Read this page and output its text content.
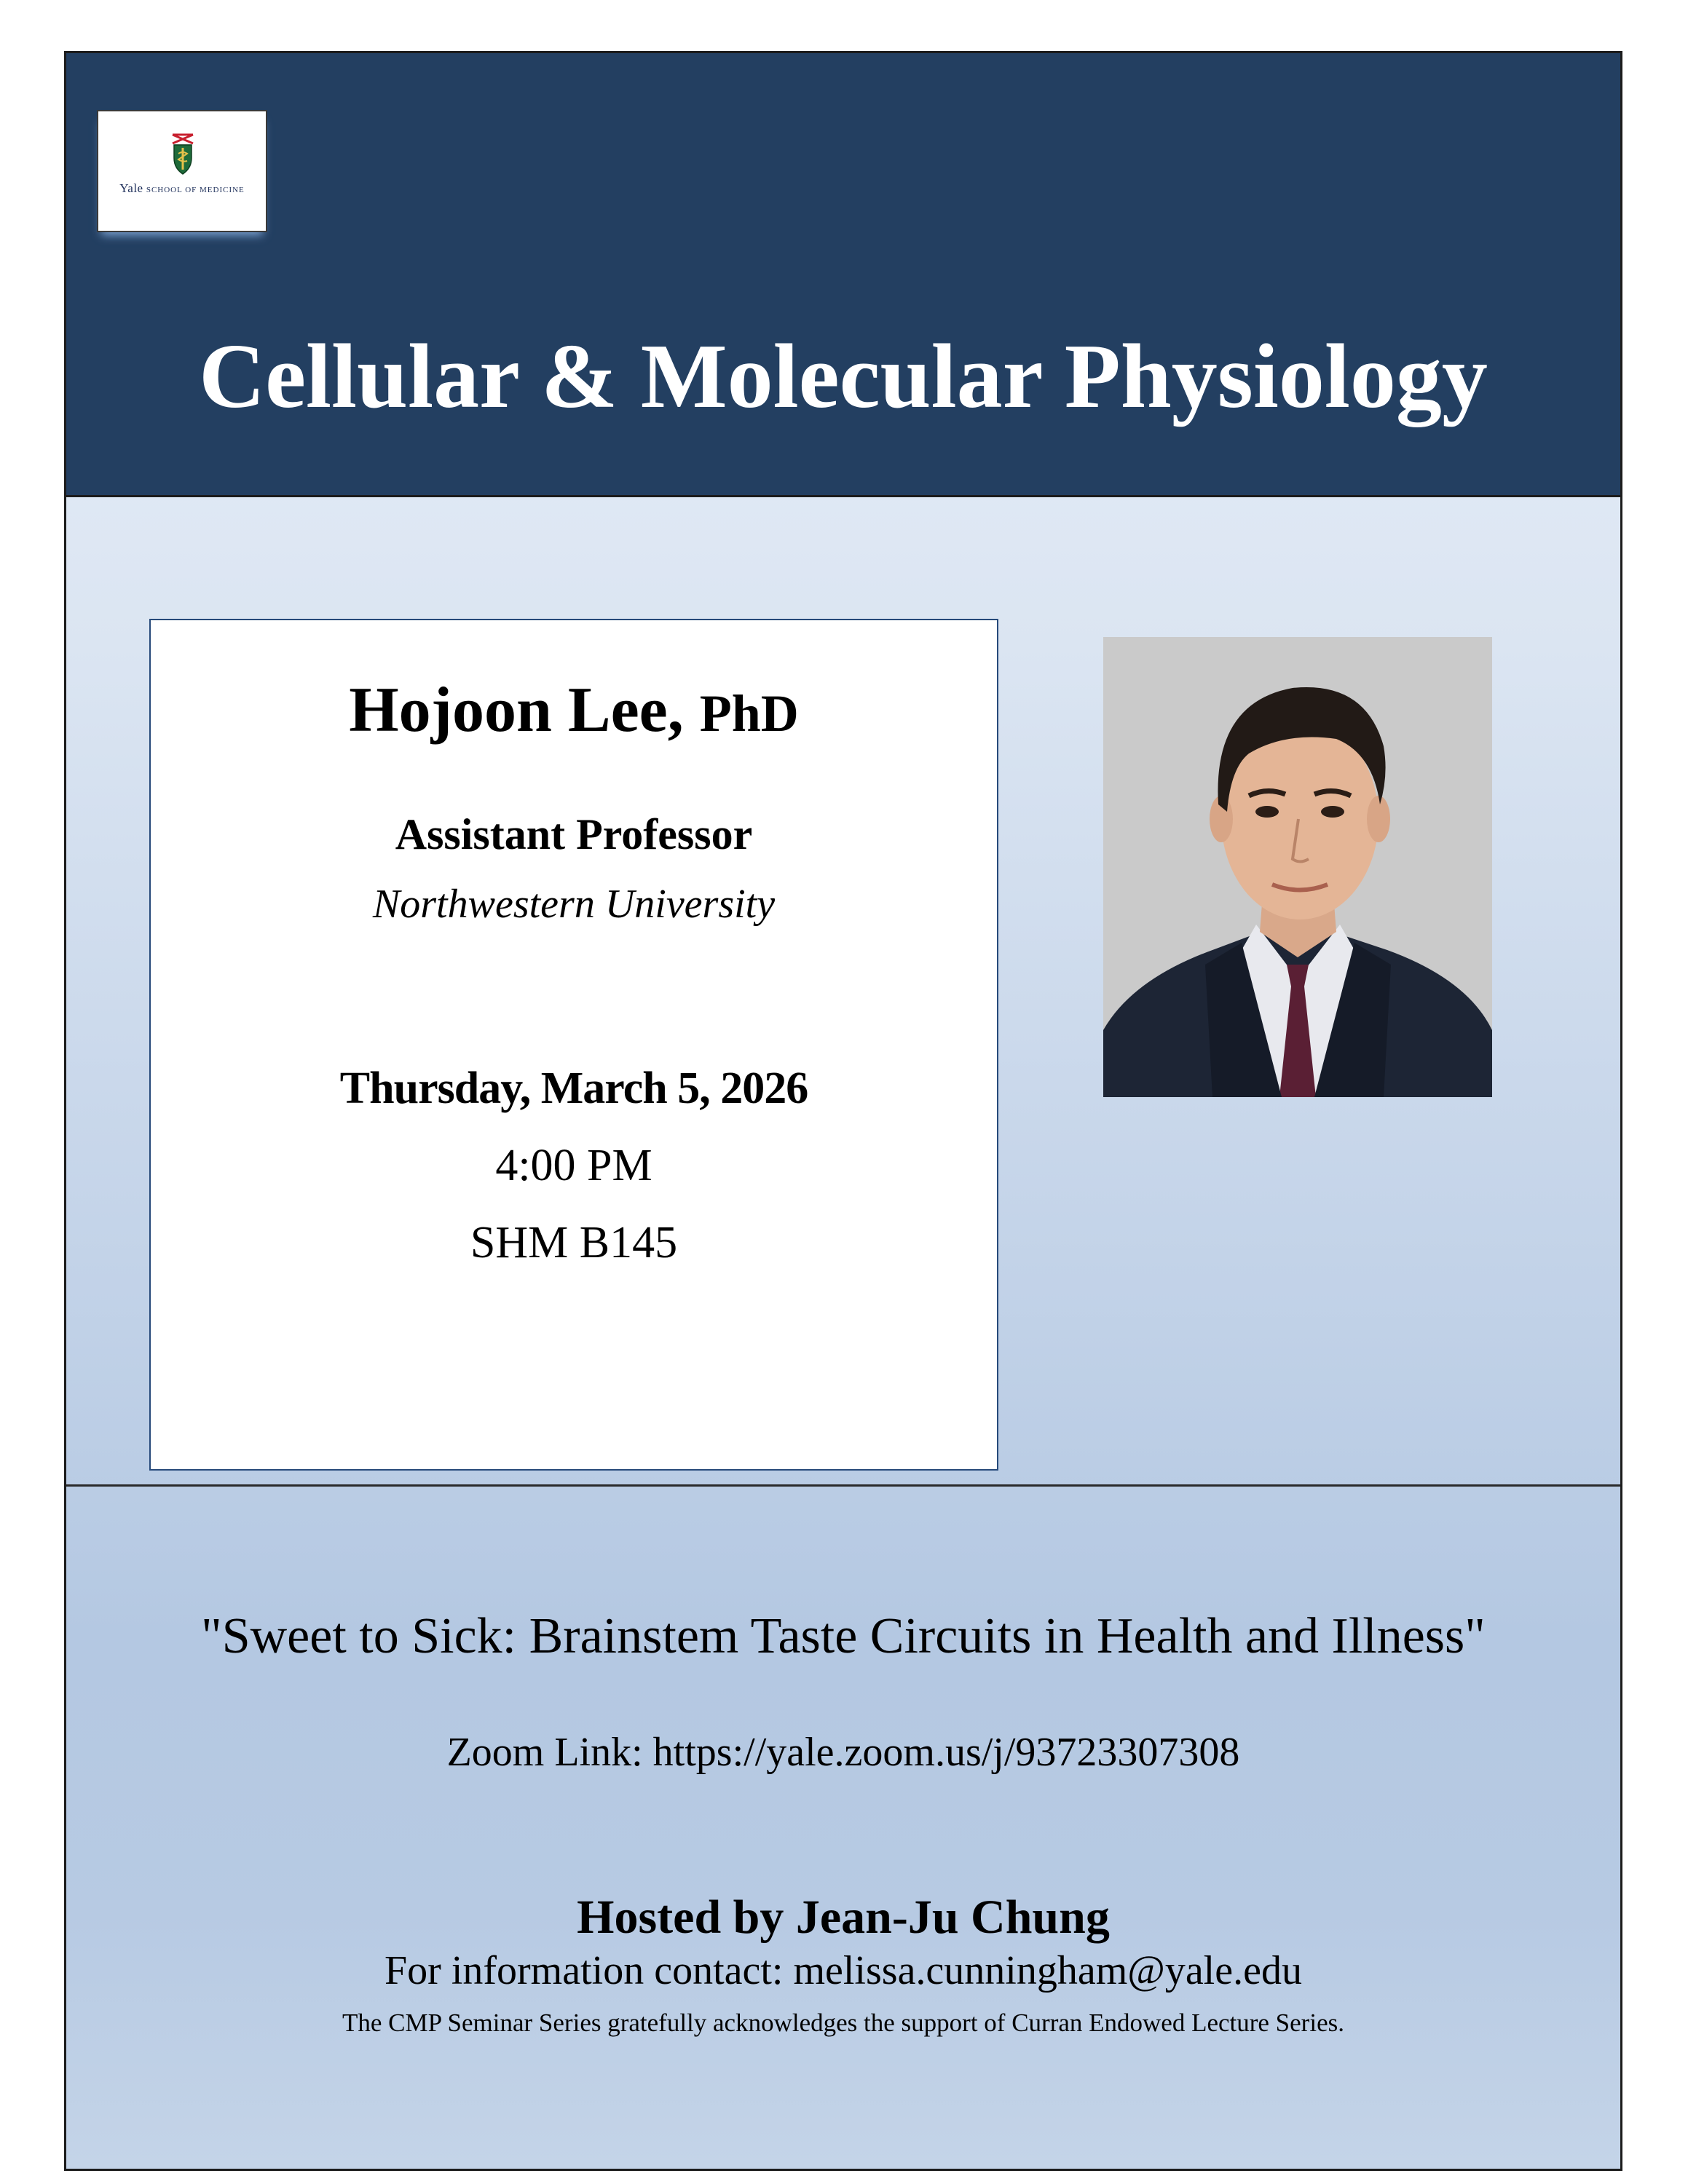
Yale SCHOOL OF MEDICINE
Cellular & Molecular Physiology
Hojoon Lee, PhD
Assistant Professor
Northwestern University
Thursday, March 5, 2026
4:00 PM
SHM B145
"Sweet to Sick: Brainstem Taste Circuits in Health and Illness"
Zoom Link: https://yale.zoom.us/j/93723307308
Hosted by Jean-Ju Chung
For information contact: melissa.cunningham@yale.edu
The CMP Seminar Series gratefully acknowledges the support of Curran Endowed Lecture Series.
